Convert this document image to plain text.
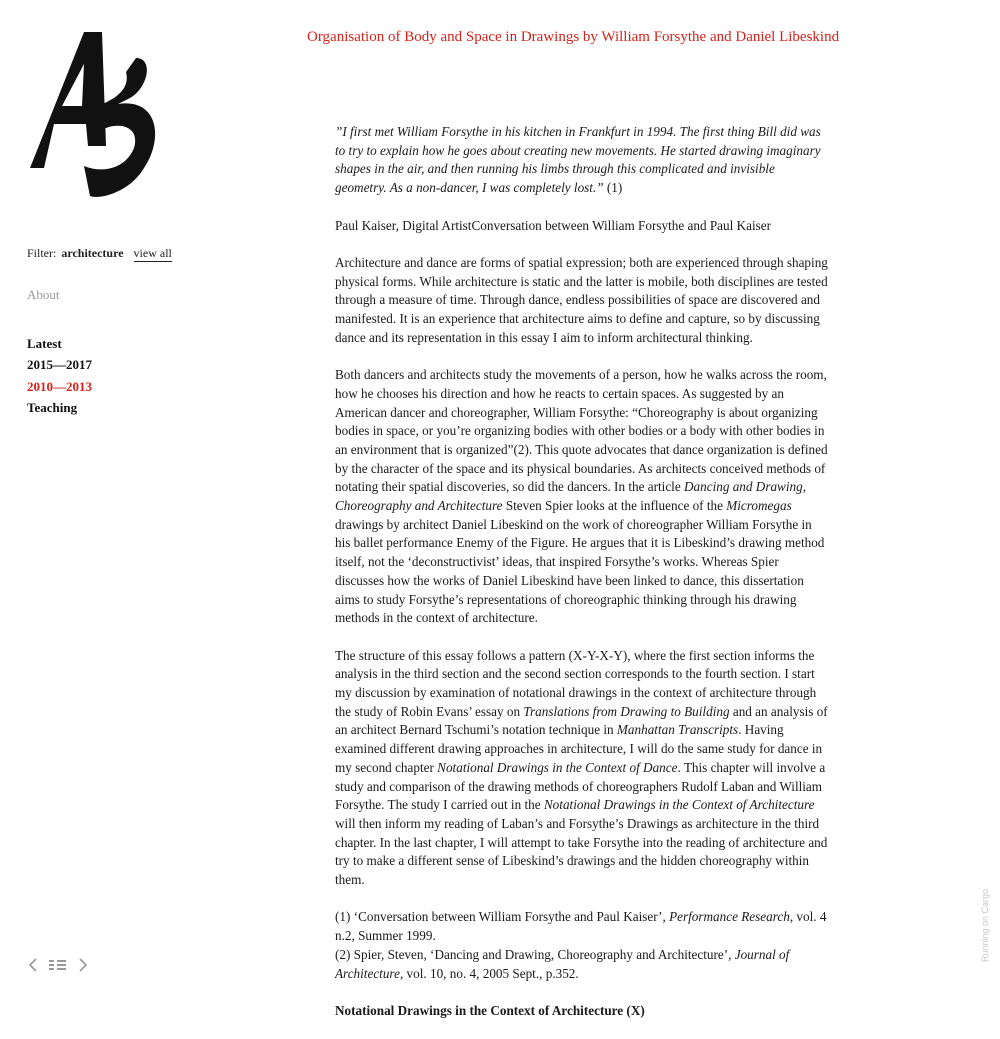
Filter: architecture view all
About
Latest
2015—2017
2010—2013
Teaching
Organisation of Body and Space in Drawings by William Forsythe and Daniel Libeskind

”I first met William Forsythe in his kitchen in Frankfurt in 1994. The first thing Bill did was to try to explain how he goes about creating new movements. He started drawing imaginary shapes in the air, and then running his limbs through this complicated and invisible geometry. As a non-dancer, I was completely lost.” (1)

Paul Kaiser, Digital ArtistConversation between William Forsythe and Paul Kaiser

Architecture and dance are forms of spatial expression; both are experienced through shaping physical forms. While architecture is static and the latter is mobile, both disciplines are tested through a measure of time. Through dance, endless possibilities of space are discovered and manifested. It is an experience that architecture aims to define and capture, so by discussing dance and its representation in this essay I aim to inform architectural thinking.

Both dancers and architects study the movements of a person, how he walks across the room, how he chooses his direction and how he reacts to certain spaces. As suggested by an American dancer and choreographer, William Forsythe: “Choreography is about organizing bodies in space, or you’re organizing bodies with other bodies or a body with other bodies in an environment that is organized”(2). This quote advocates that dance organization is defined by the character of the space and its physical boundaries. As architects conceived methods of notating their spatial discoveries, so did the dancers. In the article Dancing and Drawing, Choreography and Architecture Steven Spier looks at the influence of the Micromegas drawings by architect Daniel Libeskind on the work of choreographer William Forsythe in his ballet performance Enemy of the Figure. He argues that it is Libeskind’s drawing method itself, not the ‘deconstructivist’ ideas, that inspired Forsythe’s works. Whereas Spier discusses how the works of Daniel Libeskind have been linked to dance, this dissertation aims to study Forsythe’s representations of choreographic thinking through his drawing methods in the context of architecture.

The structure of this essay follows a pattern (X-Y-X-Y), where the first section informs the analysis in the third section and the second section corresponds to the fourth section. I start my discussion by examination of notational drawings in the context of architecture through the study of Robin Evans’ essay on Translations from Drawing to Building and an analysis of an architect Bernard Tschumi’s notation technique in Manhattan Transcripts. Having examined different drawing approaches in architecture, I will do the same study for dance in my second chapter Notational Drawings in the Context of Dance. This chapter will involve a study and comparison of the drawing methods of choreographers Rudolf Laban and William Forsythe. The study I carried out in the Notational Drawings in the Context of Architecture will then inform my reading of Laban’s and Forsythe’s Drawings as architecture in the third chapter. In the last chapter, I will attempt to take Forsythe into the reading of architecture and try to make a different sense of Libeskind’s drawings and the hidden choreography within them.

(1) ‘Conversation between William Forsythe and Paul Kaiser’, Performance Research, vol. 4 n.2, Summer 1999.

(2) Spier, Steven, ‘Dancing and Drawing, Choreography and Architecture’, Journal of Architecture, vol. 10, no. 4, 2005 Sept., p.352.

Notational Drawings in the Context of Architecture (X)

Running on Cargo
